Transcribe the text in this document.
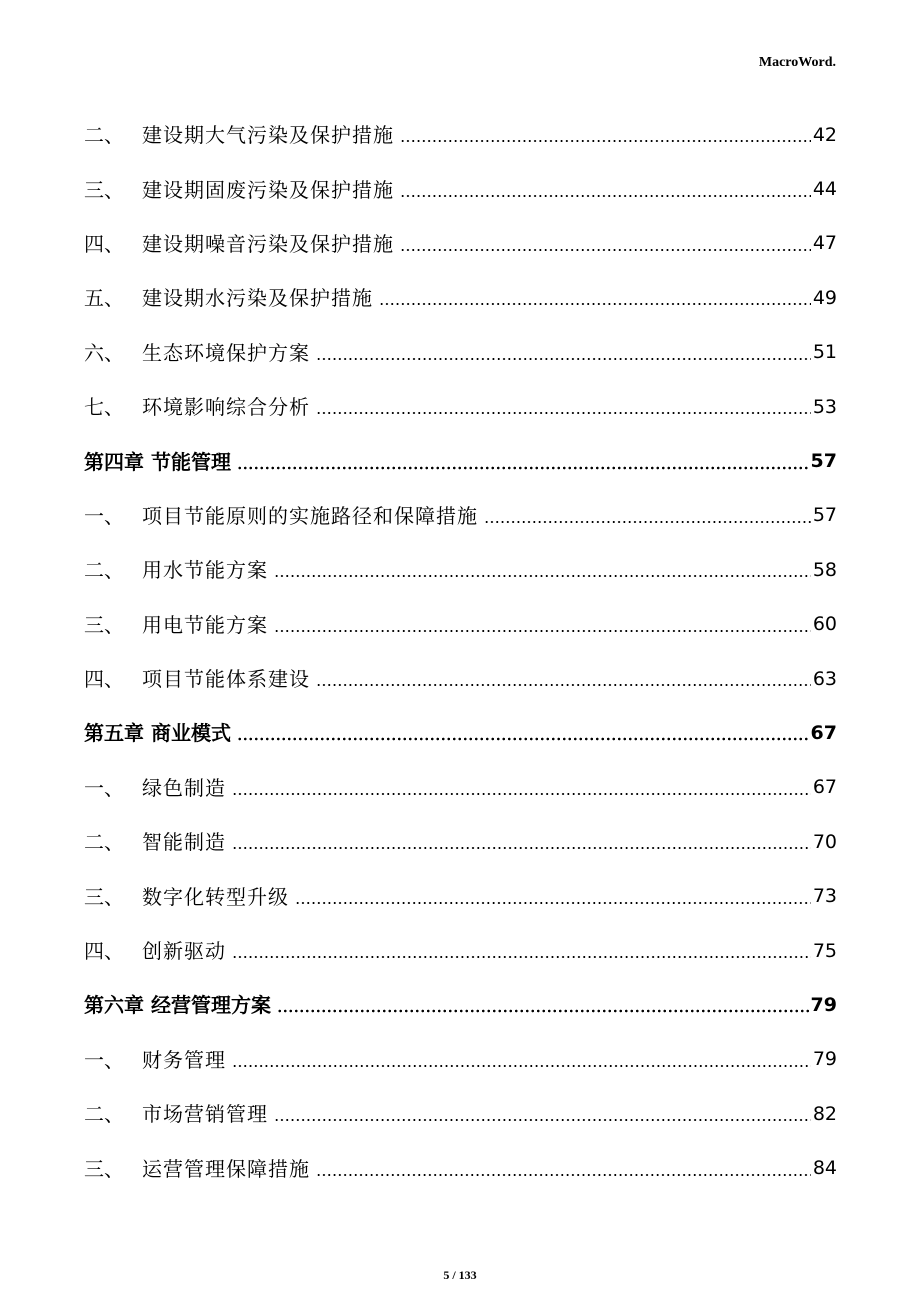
MacroWord.
二、 建设期大气污染及保护措施	42
三、 建设期固废污染及保护措施	44
四、 建设期噪音污染及保护措施	47
五、 建设期水污染及保护措施	49
六、 生态环境保护方案	51
七、 环境影响综合分析	53
第四章 节能管理	57
一、 项目节能原则的实施路径和保障措施	57
二、 用水节能方案	58
三、 用电节能方案	60
四、 项目节能体系建设	63
第五章 商业模式	67
一、 绿色制造	67
二、 智能制造	70
三、 数字化转型升级	73
四、 创新驱动	75
第六章 经营管理方案	79
一、 财务管理	79
二、 市场营销管理	82
三、 运营管理保障措施	84
5 / 133
